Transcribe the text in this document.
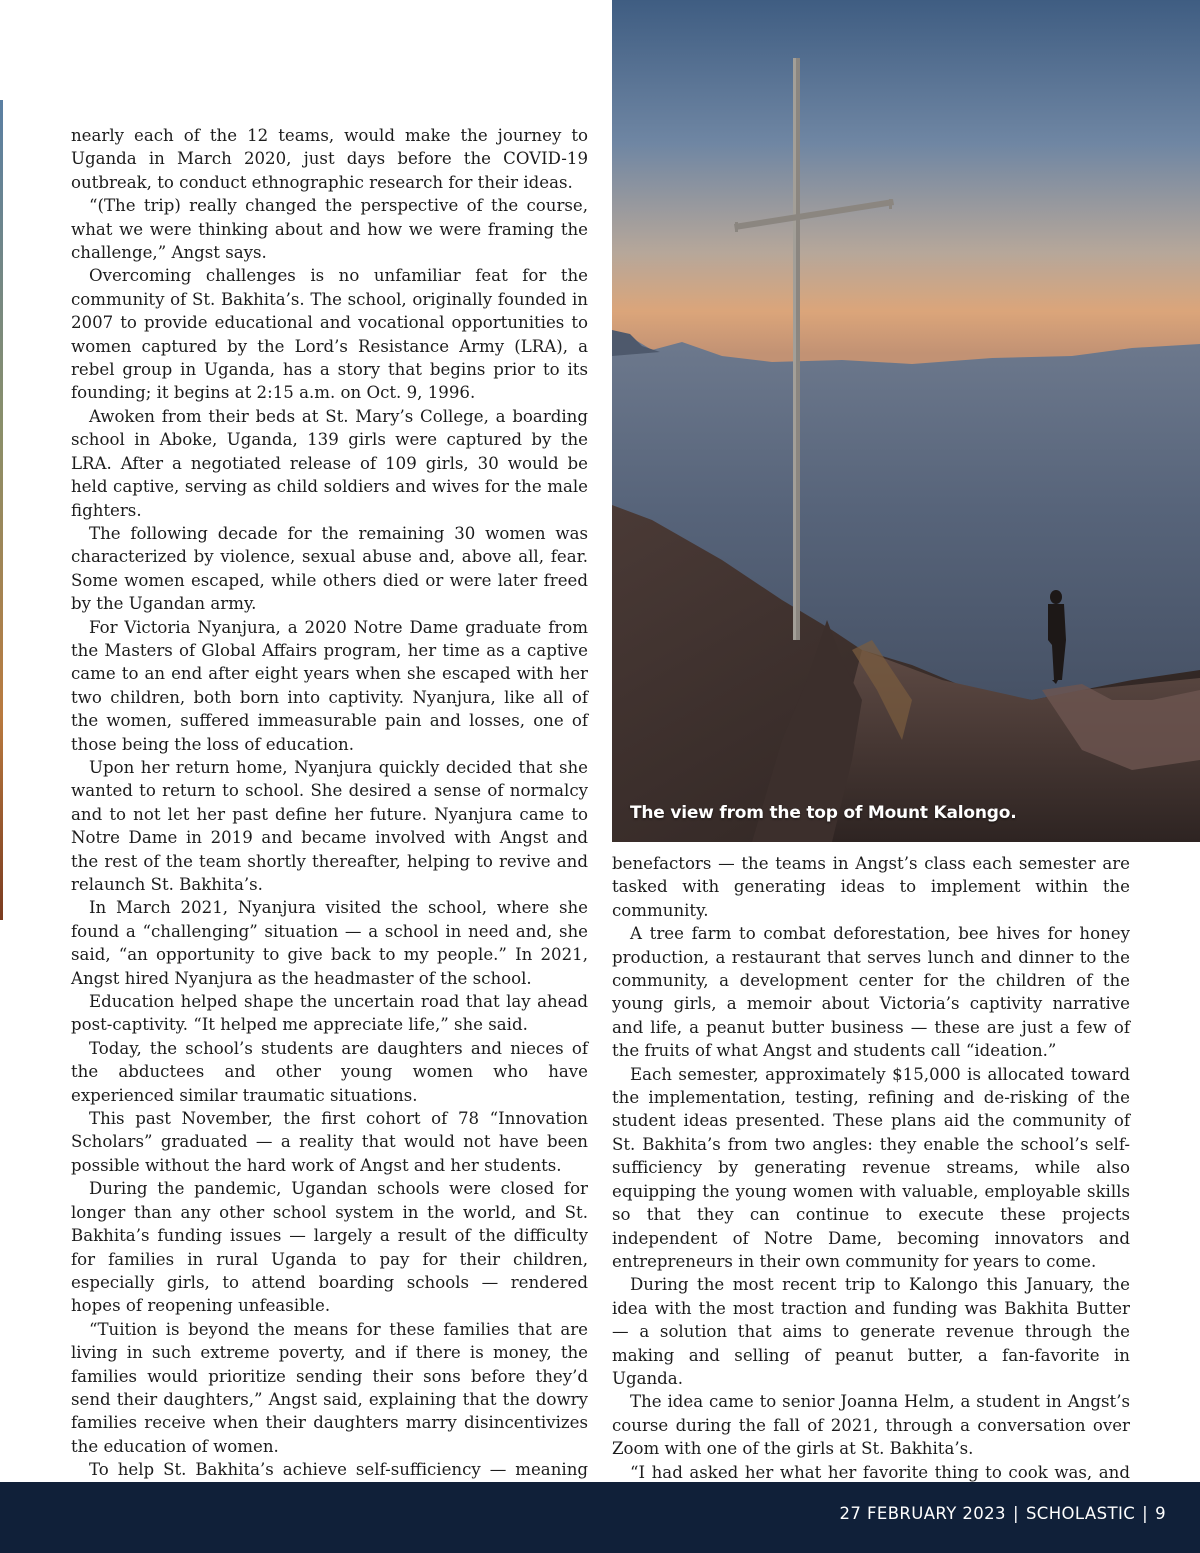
nearly each of the 12 teams, would make the journey to Uganda in March 2020, just days before the COVID-19 outbreak, to conduct ethnographic research for their ideas.

“(The trip) really changed the perspective of the course, what we were thinking about and how we were framing the challenge,” Angst says.

Overcoming challenges is no unfamiliar feat for the community of St. Bakhita’s. The school, originally founded in 2007 to provide educational and vocational opportunities to women captured by the Lord’s Resistance Army (LRA), a rebel group in Uganda, has a story that begins prior to its founding; it begins at 2:15 a.m. on Oct. 9, 1996.

Awoken from their beds at St. Mary’s College, a boarding school in Aboke, Uganda, 139 girls were captured by the LRA. After a negotiated release of 109 girls, 30 would be held captive, serving as child soldiers and wives for the male fighters.

The following decade for the remaining 30 women was characterized by violence, sexual abuse and, above all, fear. Some women escaped, while others died or were later freed by the Ugandan army.

For Victoria Nyanjura, a 2020 Notre Dame graduate from the Masters of Global Affairs program, her time as a captive came to an end after eight years when she escaped with her two children, both born into captivity. Nyanjura, like all of the women, suffered immeasurable pain and losses, one of those being the loss of education.

Upon her return home, Nyanjura quickly decided that she wanted to return to school. She desired a sense of normalcy and to not let her past define her future. Nyanjura came to Notre Dame in 2019 and became involved with Angst and the rest of the team shortly thereafter, helping to revive and relaunch St. Bakhita’s.

In March 2021, Nyanjura visited the school, where she found a “challenging” situation — a school in need and, she said, “an opportunity to give back to my people.” In 2021, Angst hired Nyanjura as the headmaster of the school.

Education helped shape the uncertain road that lay ahead post-captivity. “It helped me appreciate life,” she said.

Today, the school’s students are daughters and nieces of the abductees and other young women who have experienced similar traumatic situations.

This past November, the first cohort of 78 “Innovation Scholars” graduated — a reality that would not have been possible without the hard work of Angst and her students.

During the pandemic, Ugandan schools were closed for longer than any other school system in the world, and St. Bakhita’s funding issues — largely a result of the difficulty for families in rural Uganda to pay for their children, especially girls, to attend boarding schools — rendered hopes of reopening unfeasible.

“Tuition is beyond the means for these families that are living in such extreme poverty, and if there is money, the families would prioritize sending their sons before they’d send their daughters,” Angst said, explaining that the dowry families receive when their daughters marry disincentivizes the education of women.

To help St. Bakhita’s achieve self-sufficiency — meaning

The view from the top of Mount Kalongo.

benefactors — the teams in Angst’s class each semester are tasked with generating ideas to implement within the community.

A tree farm to combat deforestation, bee hives for honey production, a restaurant that serves lunch and dinner to the community, a development center for the children of the young girls, a memoir about Victoria’s captivity narrative and life, a peanut butter business — these are just a few of the fruits of what Angst and students call “ideation.”

Each semester, approximately $15,000 is allocated toward the implementation, testing, refining and de-risking of the student ideas presented. These plans aid the community of St. Bakhita’s from two angles: they enable the school’s self-sufficiency by generating revenue streams, while also equipping the young women with valuable, employable skills so that they can continue to execute these projects independent of Notre Dame, becoming innovators and entrepreneurs in their own community for years to come.

During the most recent trip to Kalongo this January, the idea with the most traction and funding was Bakhita Butter — a solution that aims to generate revenue through the making and selling of peanut butter, a fan-favorite in Uganda.

The idea came to senior Joanna Helm, a student in Angst’s course during the fall of 2021, through a conversation over Zoom with one of the girls at St. Bakhita’s.

“I had asked her what her favorite thing to cook was, and

27 FEBRUARY 2023 | SCHOLASTIC | 9
